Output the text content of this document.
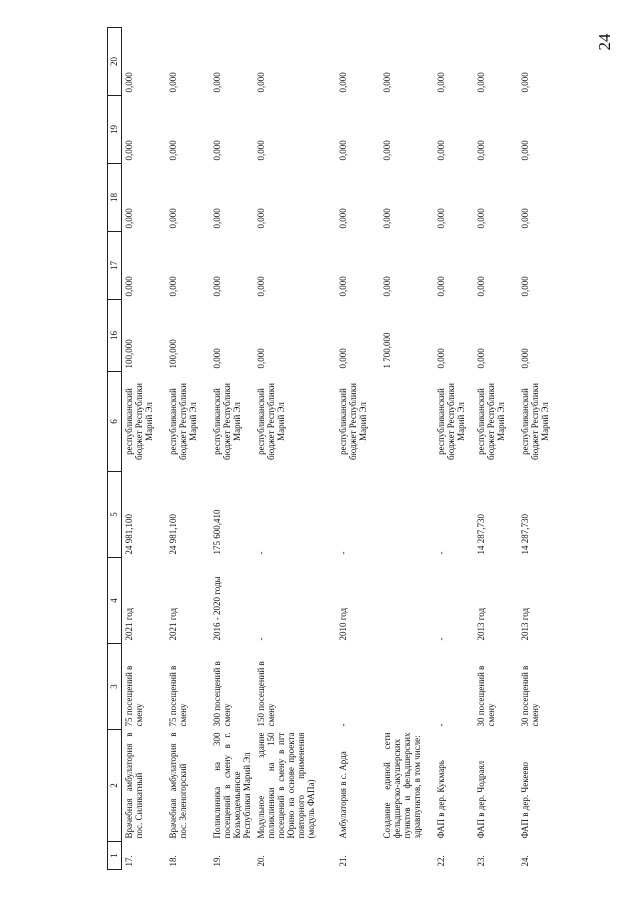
24
1	2	3	4	5	6	16	17	18	19	20
17.	Врачебная амбулатория в пос. Силикатный	75 посещений в смену	2021 год	24 981,100	республиканский бюджет Республики Марий Эл	100,000	0,000	0,000	0,000	0,000
18.	Врачебная амбулатория в пос. Зеленогорский	75 посещений в смену	2021 год	24 981,100	республиканский бюджет Республики Марий Эл	100,000	0,000	0,000	0,000	0,000
19.	Поликлиника на 300 посещений в смену в г. Козьмодемьянске Республики Марий Эл	300 посещений в смену	2016 - 2020 годы	175 600,410	республиканский бюджет Республики Марий Эл	0,000	0,000	0,000	0,000	0,000
20.	Модульное здание поликлиники на 150 посещений в смену в пгт Юрино на основе проекта повторного применения (модуль ФАПа)	150 посещений в смену	-	-	республиканский бюджет Республики Марий Эл	0,000	0,000	0,000	0,000	0,000
21.	Амбулатория в с. Арда	-	2010 год	-	республиканский бюджет Республики Марий Эл	0,000	0,000	0,000	0,000	0,000
	Создание единой сети фельдшерско-акушерских пунктов и фельдшерских здравпунктов, в том числе:					1 700,000	0,000	0,000	0,000	0,000
22.	ФАП в дер. Кукмарь	-	-	-	республиканский бюджет Республики Марий Эл	0,000	0,000	0,000	0,000	0,000
23.	ФАП в дер. Чодраял	30 посещений в смену	2013 год	14 287,730	республиканский бюджет Республики Марий Эл	0,000	0,000	0,000	0,000	0,000
24.	ФАП в дер. Чекеево	30 посещений в смену	2013 год	14 287,730	республиканский бюджет Республики Марий Эл	0,000	0,000	0,000	0,000	0,000
